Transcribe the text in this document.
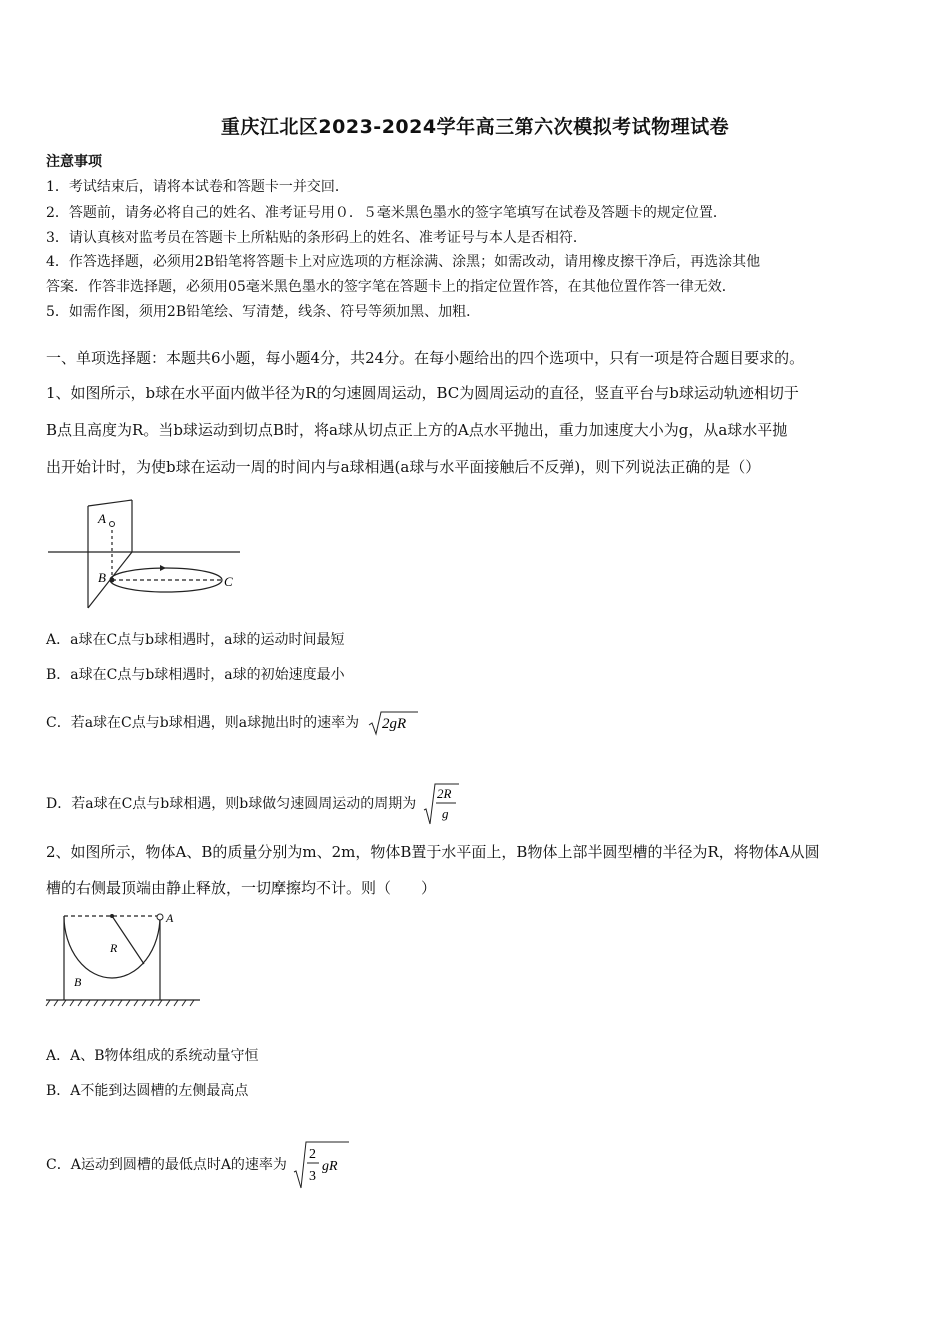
重庆江北区2023-2024学年高三第六次模拟考试物理试卷
注意事项
1．考试结束后，请将本试卷和答题卡一并交回．
2．答题前，请务必将自己的姓名、准考证号用０．５毫米黑色墨水的签字笔填写在试卷及答题卡的规定位置．
3．请认真核对监考员在答题卡上所粘贴的条形码上的姓名、准考证号与本人是否相符．
4．作答选择题，必须用2B铅笔将答题卡上对应选项的方框涂满、涂黑；如需改动，请用橡皮擦干净后，再选涂其他
答案．作答非选择题，必须用05毫米黑色墨水的签字笔在答题卡上的指定位置作答，在其他位置作答一律无效．
5．如需作图，须用2B铅笔绘、写清楚，线条、符号等须加黑、加粗．
一、单项选择题：本题共6小题，每小题4分，共24分。在每小题给出的四个选项中，只有一项是符合题目要求的。
1、如图所示，b球在水平面内做半径为R的匀速圆周运动，BC为圆周运动的直径，竖直平台与b球运动轨迹相切于
B点且高度为R。当b球运动到切点B时，将a球从切点正上方的A点水平抛出，重力加速度大小为g，从a球水平抛
出开始计时，为使b球在运动一周的时间内与a球相遇(a球与水平面接触后不反弹)，则下列说法正确的是（）
A
B	C
A．a球在C点与b球相遇时，a球的运动时间最短
B．a球在C点与b球相遇时，a球的初始速度最小
C．若a球在C点与b球相遇，则a球抛出时的速率为 2gR
D．若a球在C点与b球相遇，则b球做匀速圆周运动的周期为
2R
g
2、如图所示，物体A、B的质量分别为m、2m，物体B置于水平面上，B物体上部半圆型槽的半径为R，将物体A从圆
槽的右侧最顶端由静止释放，一切摩擦均不计。则（　　）
A
R
B
A．A、B物体组成的系统动量守恒
B．A不能到达圆槽的左侧最高点
C．A运动到圆槽的最低点时A的速率为
2
3
gR
